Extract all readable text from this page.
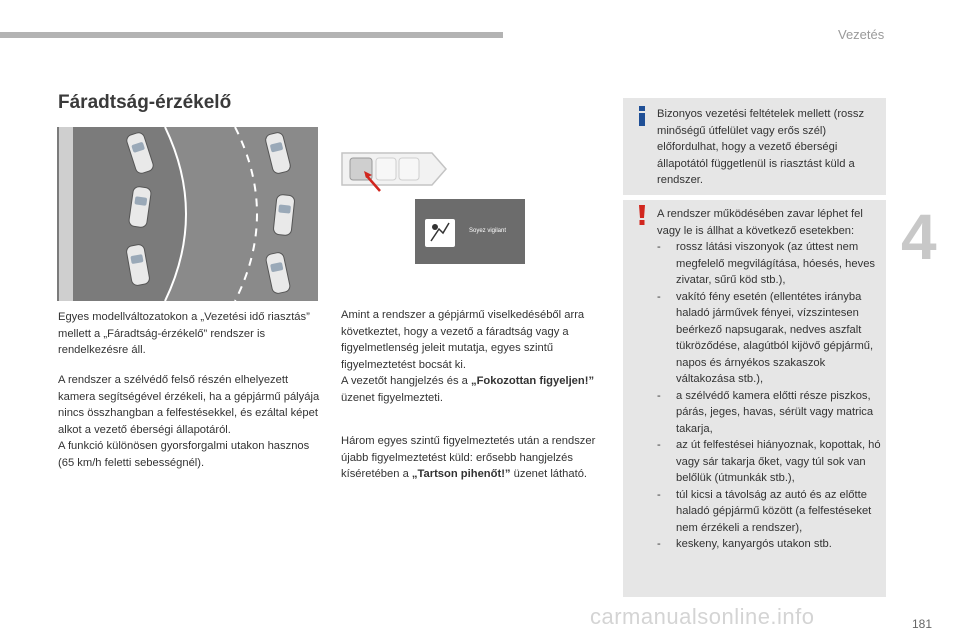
Vezetés
4
Fáradtság-érzékelő
Soyez vigilant

Egyes modellváltozatokon a „Vezetési idő riasztás” mellett a „Fáradtság-érzékelő” rendszer is rendelkezésre áll.

A rendszer a szélvédő felső részén elhelyezett kamera segítségével érzékeli, ha a gépjármű pályája nincs összhangban a felfestésekkel, és ezáltal képet alkot a vezető éberségi állapotáról.

A funkció különösen gyorsforgalmi utakon hasznos (65 km/h feletti sebességnél).

Amint a rendszer a gépjármű viselkedéséből arra következtet, hogy a vezető a fáradtság vagy a figyelmetlenség jeleit mutatja, egyes szintű figyelmeztetést bocsát ki.

A vezetőt hangjelzés és a „Fokozottan figyeljen!” üzenet figyelmezteti.

Három egyes szintű figyelmeztetés után a rendszer újabb figyelmeztetést küld: erősebb hangjelzés kíséretében a „Tartson pihenőt!” üzenet látható.

Bizonyos vezetési feltételek mellett (rossz minőségű útfelület vagy erős szél) előfordulhat, hogy a vezető éberségi állapotától függetlenül is riasztást küld a rendszer.

A rendszer működésében zavar léphet fel vagy le is állhat a következő esetekben:

- rossz látási viszonyok (az úttest nem megfelelő megvilágítása, hóesés, heves zivatar, sűrű köd stb.),
- vakító fény esetén (ellentétes irányba haladó járművek fényei, vízszintesen beérkező napsugarak, nedves aszfalt tükröződése, alagútból kijövő gépjármű, napos és árnyékos szakaszok váltakozása stb.),
- a szélvédő kamera előtti része piszkos, párás, jeges, havas, sérült vagy matrica takarja,
- az út felfestései hiányoznak, kopottak, hó vagy sár takarja őket, vagy túl sok van belőlük (útmunkák stb.),
- túl kicsi a távolság az autó és az előtte haladó gépjármű között (a felfestéseket nem érzékeli a rendszer),
- keskeny, kanyargós utakon stb.
carmanualsonline.info	181
